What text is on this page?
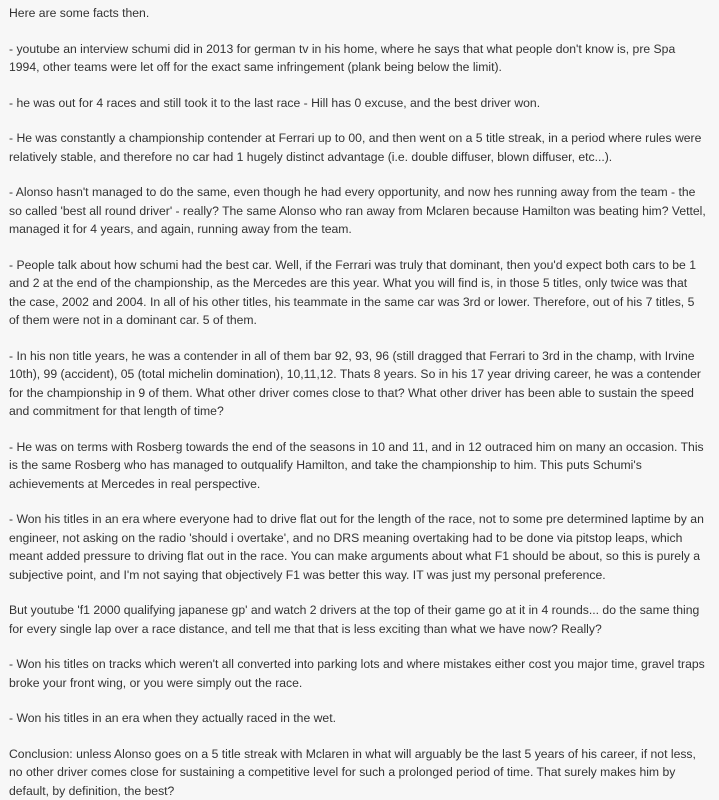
Here are some facts then.

- youtube an interview schumi did in 2013 for german tv in his home, where he says that what people don't know is, pre Spa 1994, other teams were let off for the exact same infringement (plank being below the limit).

- he was out for 4 races and still took it to the last race - Hill has 0 excuse, and the best driver won.

- He was constantly a championship contender at Ferrari up to 00, and then went on a 5 title streak, in a period where rules were relatively stable, and therefore no car had 1 hugely distinct advantage (i.e. double diffuser, blown diffuser, etc...).

- Alonso hasn't managed to do the same, even though he had every opportunity, and now hes running away from the team - the so called 'best all round driver' - really? The same Alonso who ran away from Mclaren because Hamilton was beating him? Vettel, managed it for 4 years, and again, running away from the team.

- People talk about how schumi had the best car. Well, if the Ferrari was truly that dominant, then you'd expect both cars to be 1 and 2 at the end of the championship, as the Mercedes are this year. What you will find is, in those 5 titles, only twice was that the case, 2002 and 2004. In all of his other titles, his teammate in the same car was 3rd or lower. Therefore, out of his 7 titles, 5 of them were not in a dominant car. 5 of them.

- In his non title years, he was a contender in all of them bar 92, 93, 96 (still dragged that Ferrari to 3rd in the champ, with Irvine 10th), 99 (accident), 05 (total michelin domination), 10,11,12. Thats 8 years. So in his 17 year driving career, he was a contender for the championship in 9 of them. What other driver comes close to that? What other driver has been able to sustain the speed and commitment for that length of time?

- He was on terms with Rosberg towards the end of the seasons in 10 and 11, and in 12 outraced him on many an occasion. This is the same Rosberg who has managed to outqualify Hamilton, and take the championship to him. This puts Schumi's achievements at Mercedes in real perspective.

- Won his titles in an era where everyone had to drive flat out for the length of the race, not to some pre determined laptime by an engineer, not asking on the radio 'should i overtake', and no DRS meaning overtaking had to be done via pitstop leaps, which meant added pressure to driving flat out in the race. You can make arguments about what F1 should be about, so this is purely a subjective point, and I'm not saying that objectively F1 was better this way. IT was just my personal preference.

But youtube 'f1 2000 qualifying japanese gp' and watch 2 drivers at the top of their game go at it in 4 rounds... do the same thing for every single lap over a race distance, and tell me that that is less exciting than what we have now? Really?

- Won his titles on tracks which weren't all converted into parking lots and where mistakes either cost you major time, gravel traps broke your front wing, or you were simply out the race.

- Won his titles in an era when they actually raced in the wet.

Conclusion: unless Alonso goes on a 5 title streak with Mclaren in what will arguably be the last 5 years of his career, if not less, no other driver comes close for sustaining a competitive level for such a prolonged period of time. That surely makes him by default, by definition, the best?
